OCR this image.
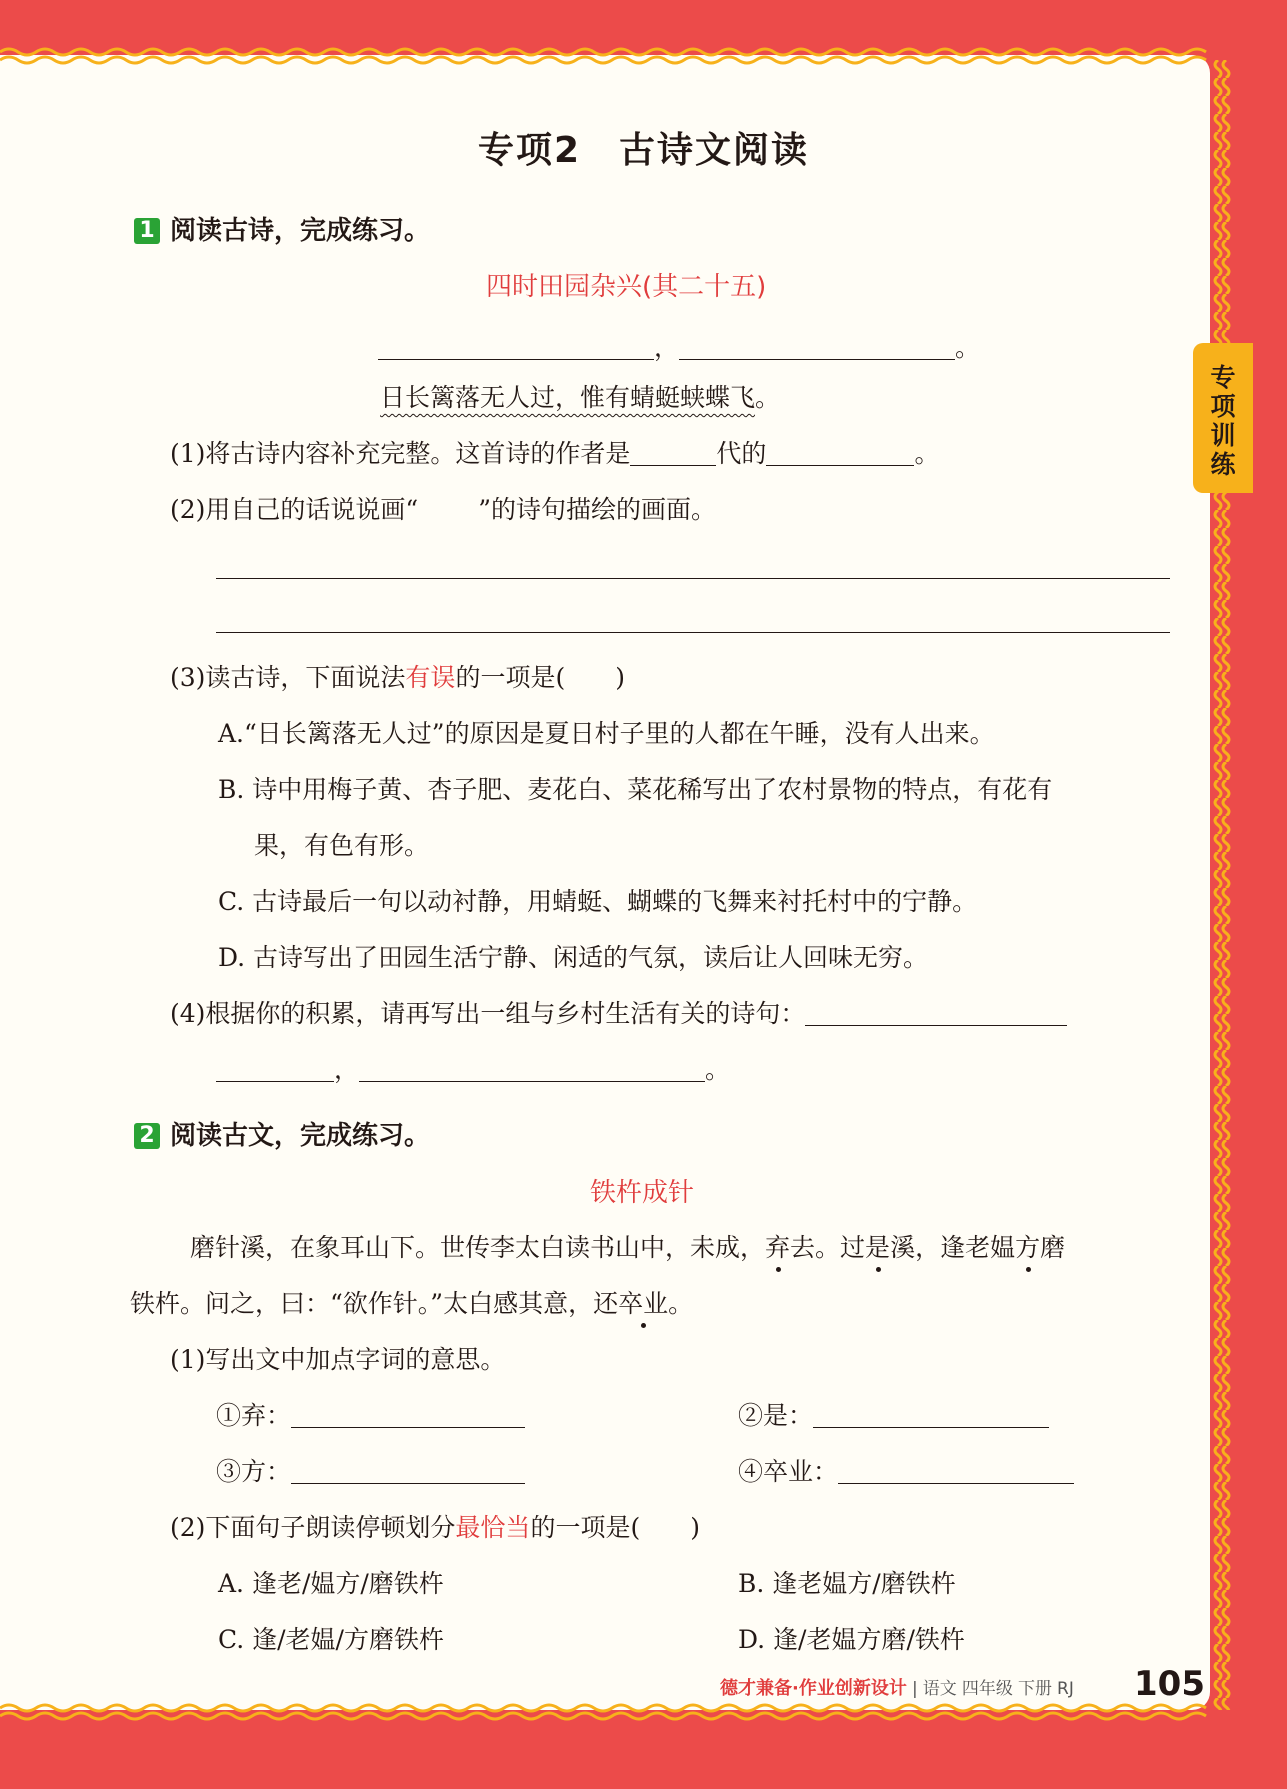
专项训练
专项2　古诗文阅读
1 阅读古诗，完成练习。
四时田园杂兴(其二十五)
，	。
日长篱落无人过，惟有蜻蜓蛱蝶飞。
(1)将古诗内容补充完整。这首诗的作者是	代的	。
(2)用自己的话说说画“ ”的诗句描绘的画面。
(3)读古诗，下面说法有误的一项是(　　)
A.“日长篱落无人过”的原因是夏日村子里的人都在午睡，没有人出来。
B. 诗中用梅子黄、杏子肥、麦花白、菜花稀写出了农村景物的特点，有花有
果，有色有形。
C. 古诗最后一句以动衬静，用蜻蜓、蝴蝶的飞舞来衬托村中的宁静。
D. 古诗写出了田园生活宁静、闲适的气氛，读后让人回味无穷。
(4)根据你的积累，请再写出一组与乡村生活有关的诗句：
，	。
2 阅读古文，完成练习。
铁杵成针
磨针溪，在象耳山下。世传李太白读书山中，未成，弃去。过是溪，逢老媪方磨
铁杵。问之，曰：“欲作针。”太白感其意，还卒业。
(1)写出文中加点字词的意思。
①弃：	②是：
③方：	④卒业：
(2)下面句子朗读停顿划分最恰当的一项是(　　)
A. 逢老/媪方/磨铁杵	B. 逢老媪方/磨铁杵
C. 逢/老媪/方磨铁杵	D. 逢/老媪方磨/铁杵
德才兼备·作业创新设计 | 语文 四年级 下册 RJ 105
